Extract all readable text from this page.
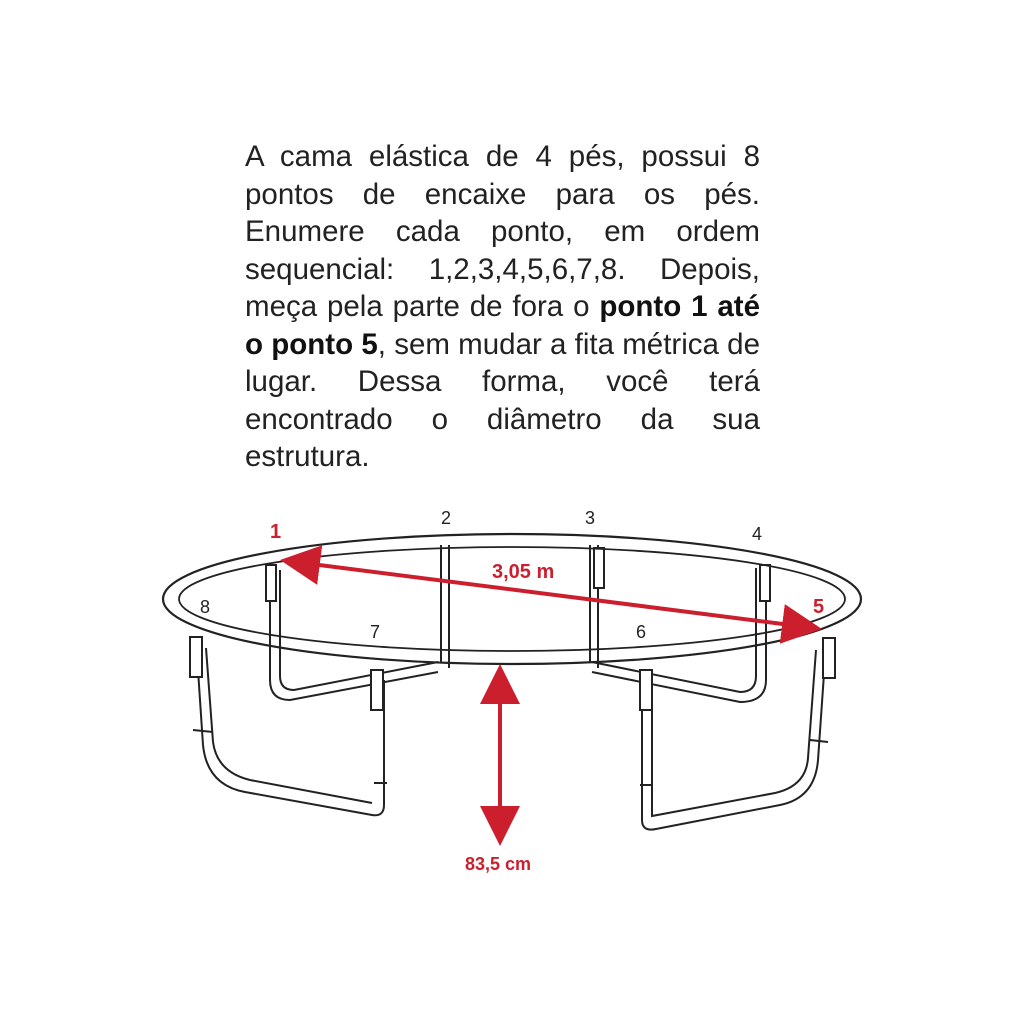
A cama elástica de 4 pés, possui 8 pontos de encaixe para os pés. Enumere cada ponto, em ordem sequencial: 1,2,3,4,5,6,7,8. Depois, meça pela parte de fora o ponto 1 até o ponto 5, sem mudar a fita métrica de lugar. Dessa forma, você terá encontrado o diâmetro da sua estrutura.

1
2	3
4
5
6
7
8
3,05 m
83,5 cm
